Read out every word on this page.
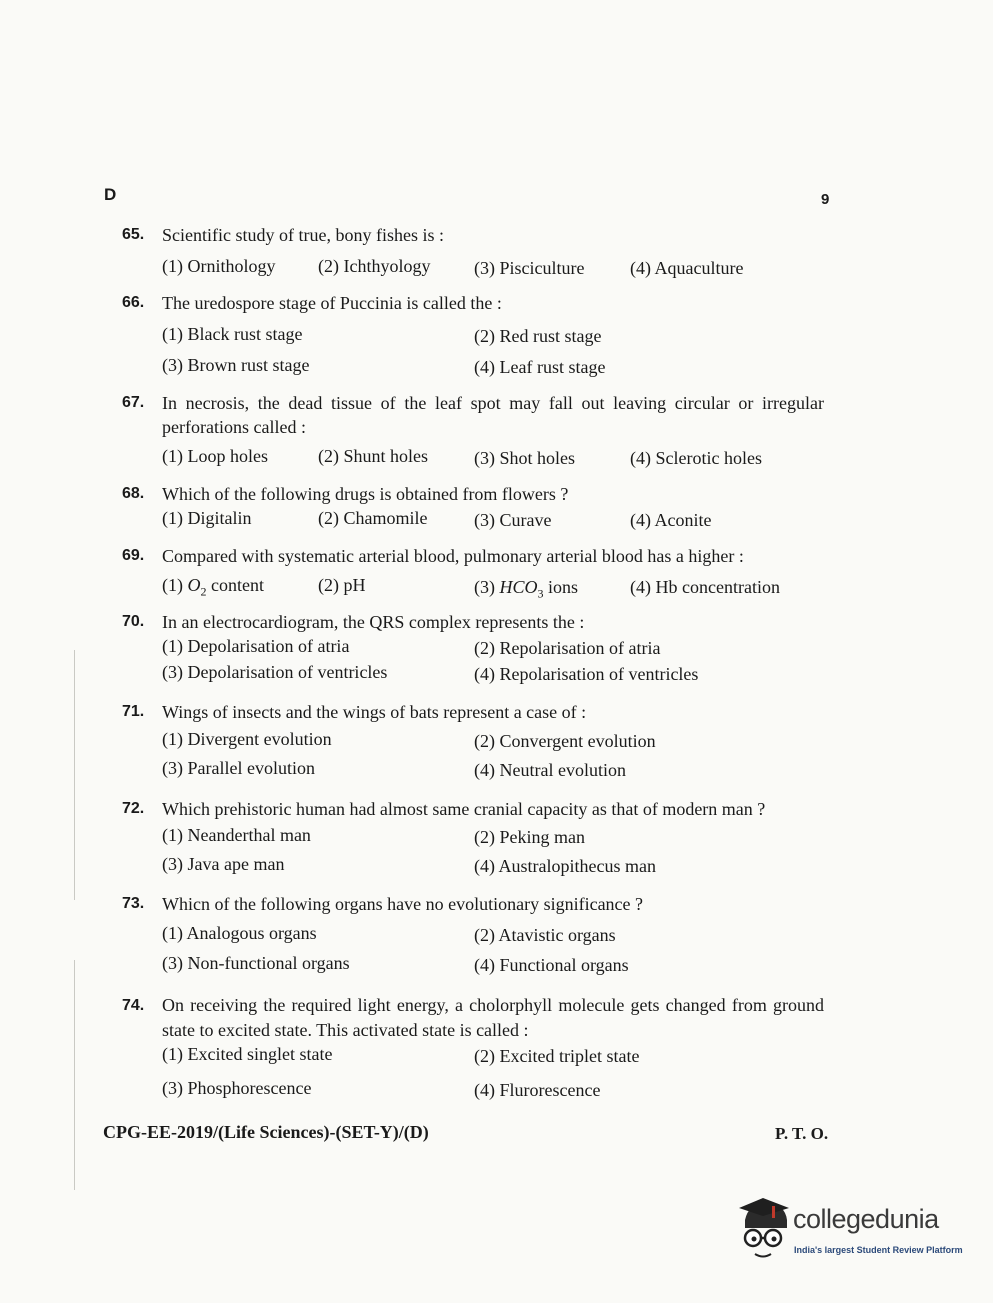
D	9
65. Scientific study of true, bony fishes is :
(1) Ornithology (2) Ichthyology (3) Pisciculture	(4) Aquaculture
66. The uredospore stage of Puccinia is called the :
(1) Black rust stage	(2) Red rust stage
(3) Brown rust stage	(4) Leaf rust stage
67. In necrosis, the dead tissue of the leaf spot may fall out leaving circular or irregular perforations called :
(1) Loop holes	(2) Shunt holes	(3) Shot holes	(4) Sclerotic holes
68. Which of the following drugs is obtained from flowers ?
(1) Digitalin	(2) Chamomile	(3) Curave	(4) Aconite
69. Compared with systematic arterial blood, pulmonary arterial blood has a higher :
(1) $O_2$ content	(2) pH	(3) $HCO_3$ ions	(4) Hb concentration
70. In an electrocardiogram, the QRS complex represents the :
(1) Depolarisation of atria	(2) Repolarisation of atria
(3) Depolarisation of ventricles	(4) Repolarisation of ventricles
71. Wings of insects and the wings of bats represent a case of :
(1) Divergent evolution	(2) Convergent evolution
(3) Parallel evolution	(4) Neutral evolution
72. Which prehistoric human had almost same cranial capacity as that of modern man ?
(1) Neanderthal man	(2) Peking man
(3) Java ape man	(4) Australopithecus man
73. Whicn of the following organs have no evolutionary significance ?
(1) Analogous organs	(2) Atavistic organs
(3) Non-functional organs	(4) Functional organs
74. On receiving the required light energy, a cholorphyll molecule gets changed from ground state to excited state. This activated state is called :
(1) Excited singlet state	(2) Excited triplet state
(3) Phosphorescence	(4) Flurorescence
CPG-EE-2019/(Life Sciences)-(SET-Y)/(D)	P. T. O.
collegedunia
India's largest Student Review Platform
